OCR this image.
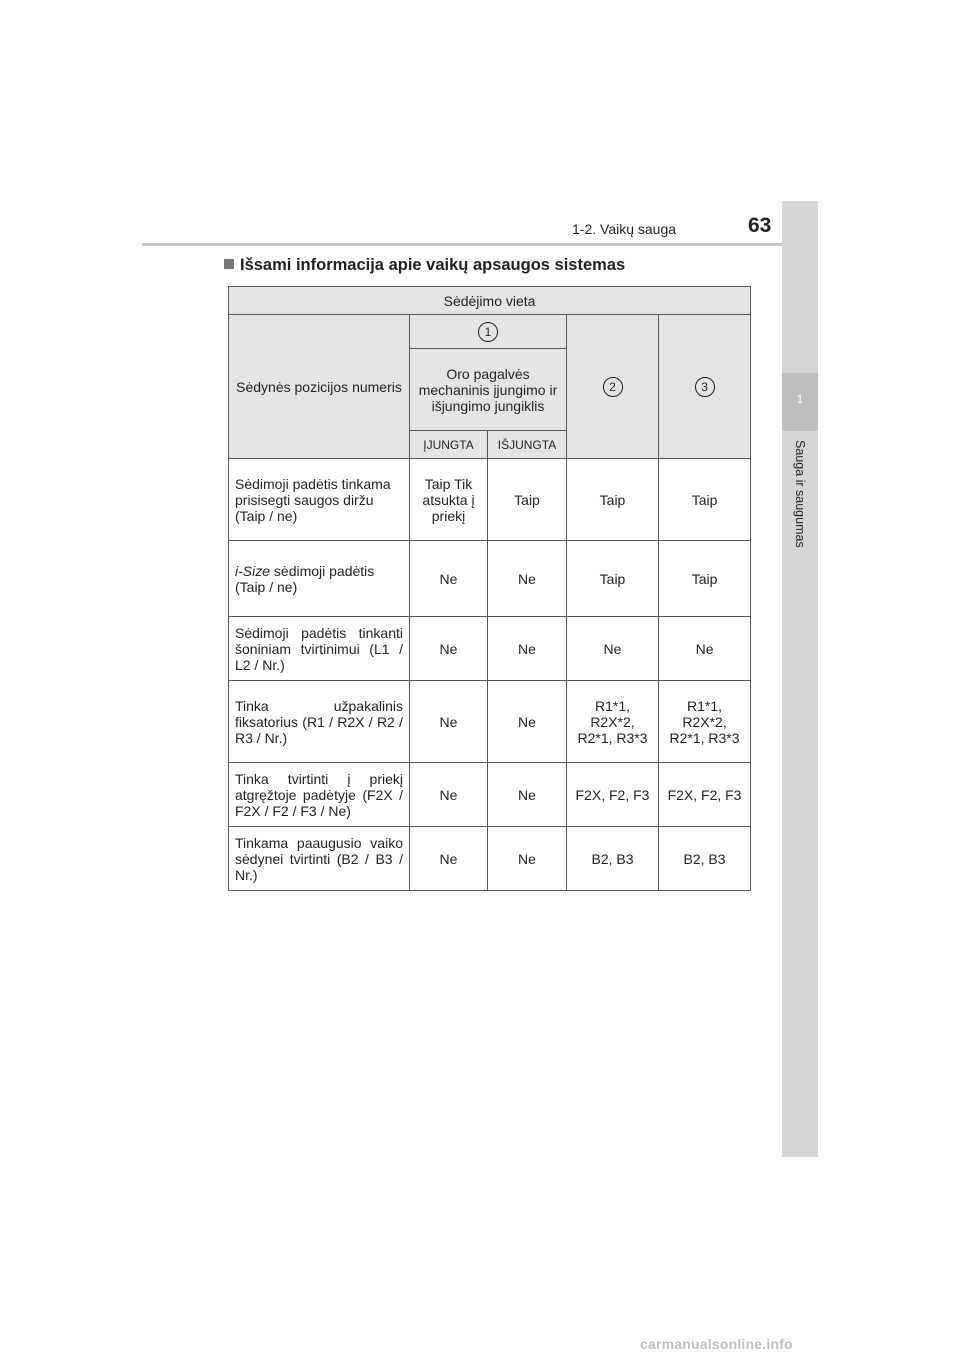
63
1-2. Vaikų sauga
1
Sauga ir saugumas
Išsami informacija apie vaikų apsaugos sistemas
Sėdėjimo vieta				
Sėdynės pozicijos numeris	1		2	3
	Oro pagalvės mechaninis įjungimo ir išjungimo jungiklis			
	ĮJUNGTA	IŠJUNGTA		
Sėdimoji padėtis tinkama prisisegti saugos diržu (Taip / ne)	Taip Tik atsukta į priekį	Taip	Taip	Taip
i-Size sėdimoji padėtis (Taip / ne)	Ne	Ne	Taip	Taip
Sėdimoji padėtis tinkanti šoniniam tvirtinimui (L1 / L2 / Nr.)	Ne	Ne	Ne	Ne
Tinka užpakalinis fiksatorius (R1 / R2X / R2 / R3 / Nr.)	Ne	Ne	R1*1, R2X*2, R2*1, R3*3	R1*1, R2X*2, R2*1, R3*3
Tinka tvirtinti į priekį atgręžtoje padėtyje (F2X / F2X / F2 / F3 / Ne)	Ne	Ne	F2X, F2, F3	F2X, F2, F3
Tinkama paaugusio vaiko sėdynei tvirtinti (B2 / B3 / Nr.)	Ne	Ne	B2, B3	B2, B3
carmanualsonline.info
